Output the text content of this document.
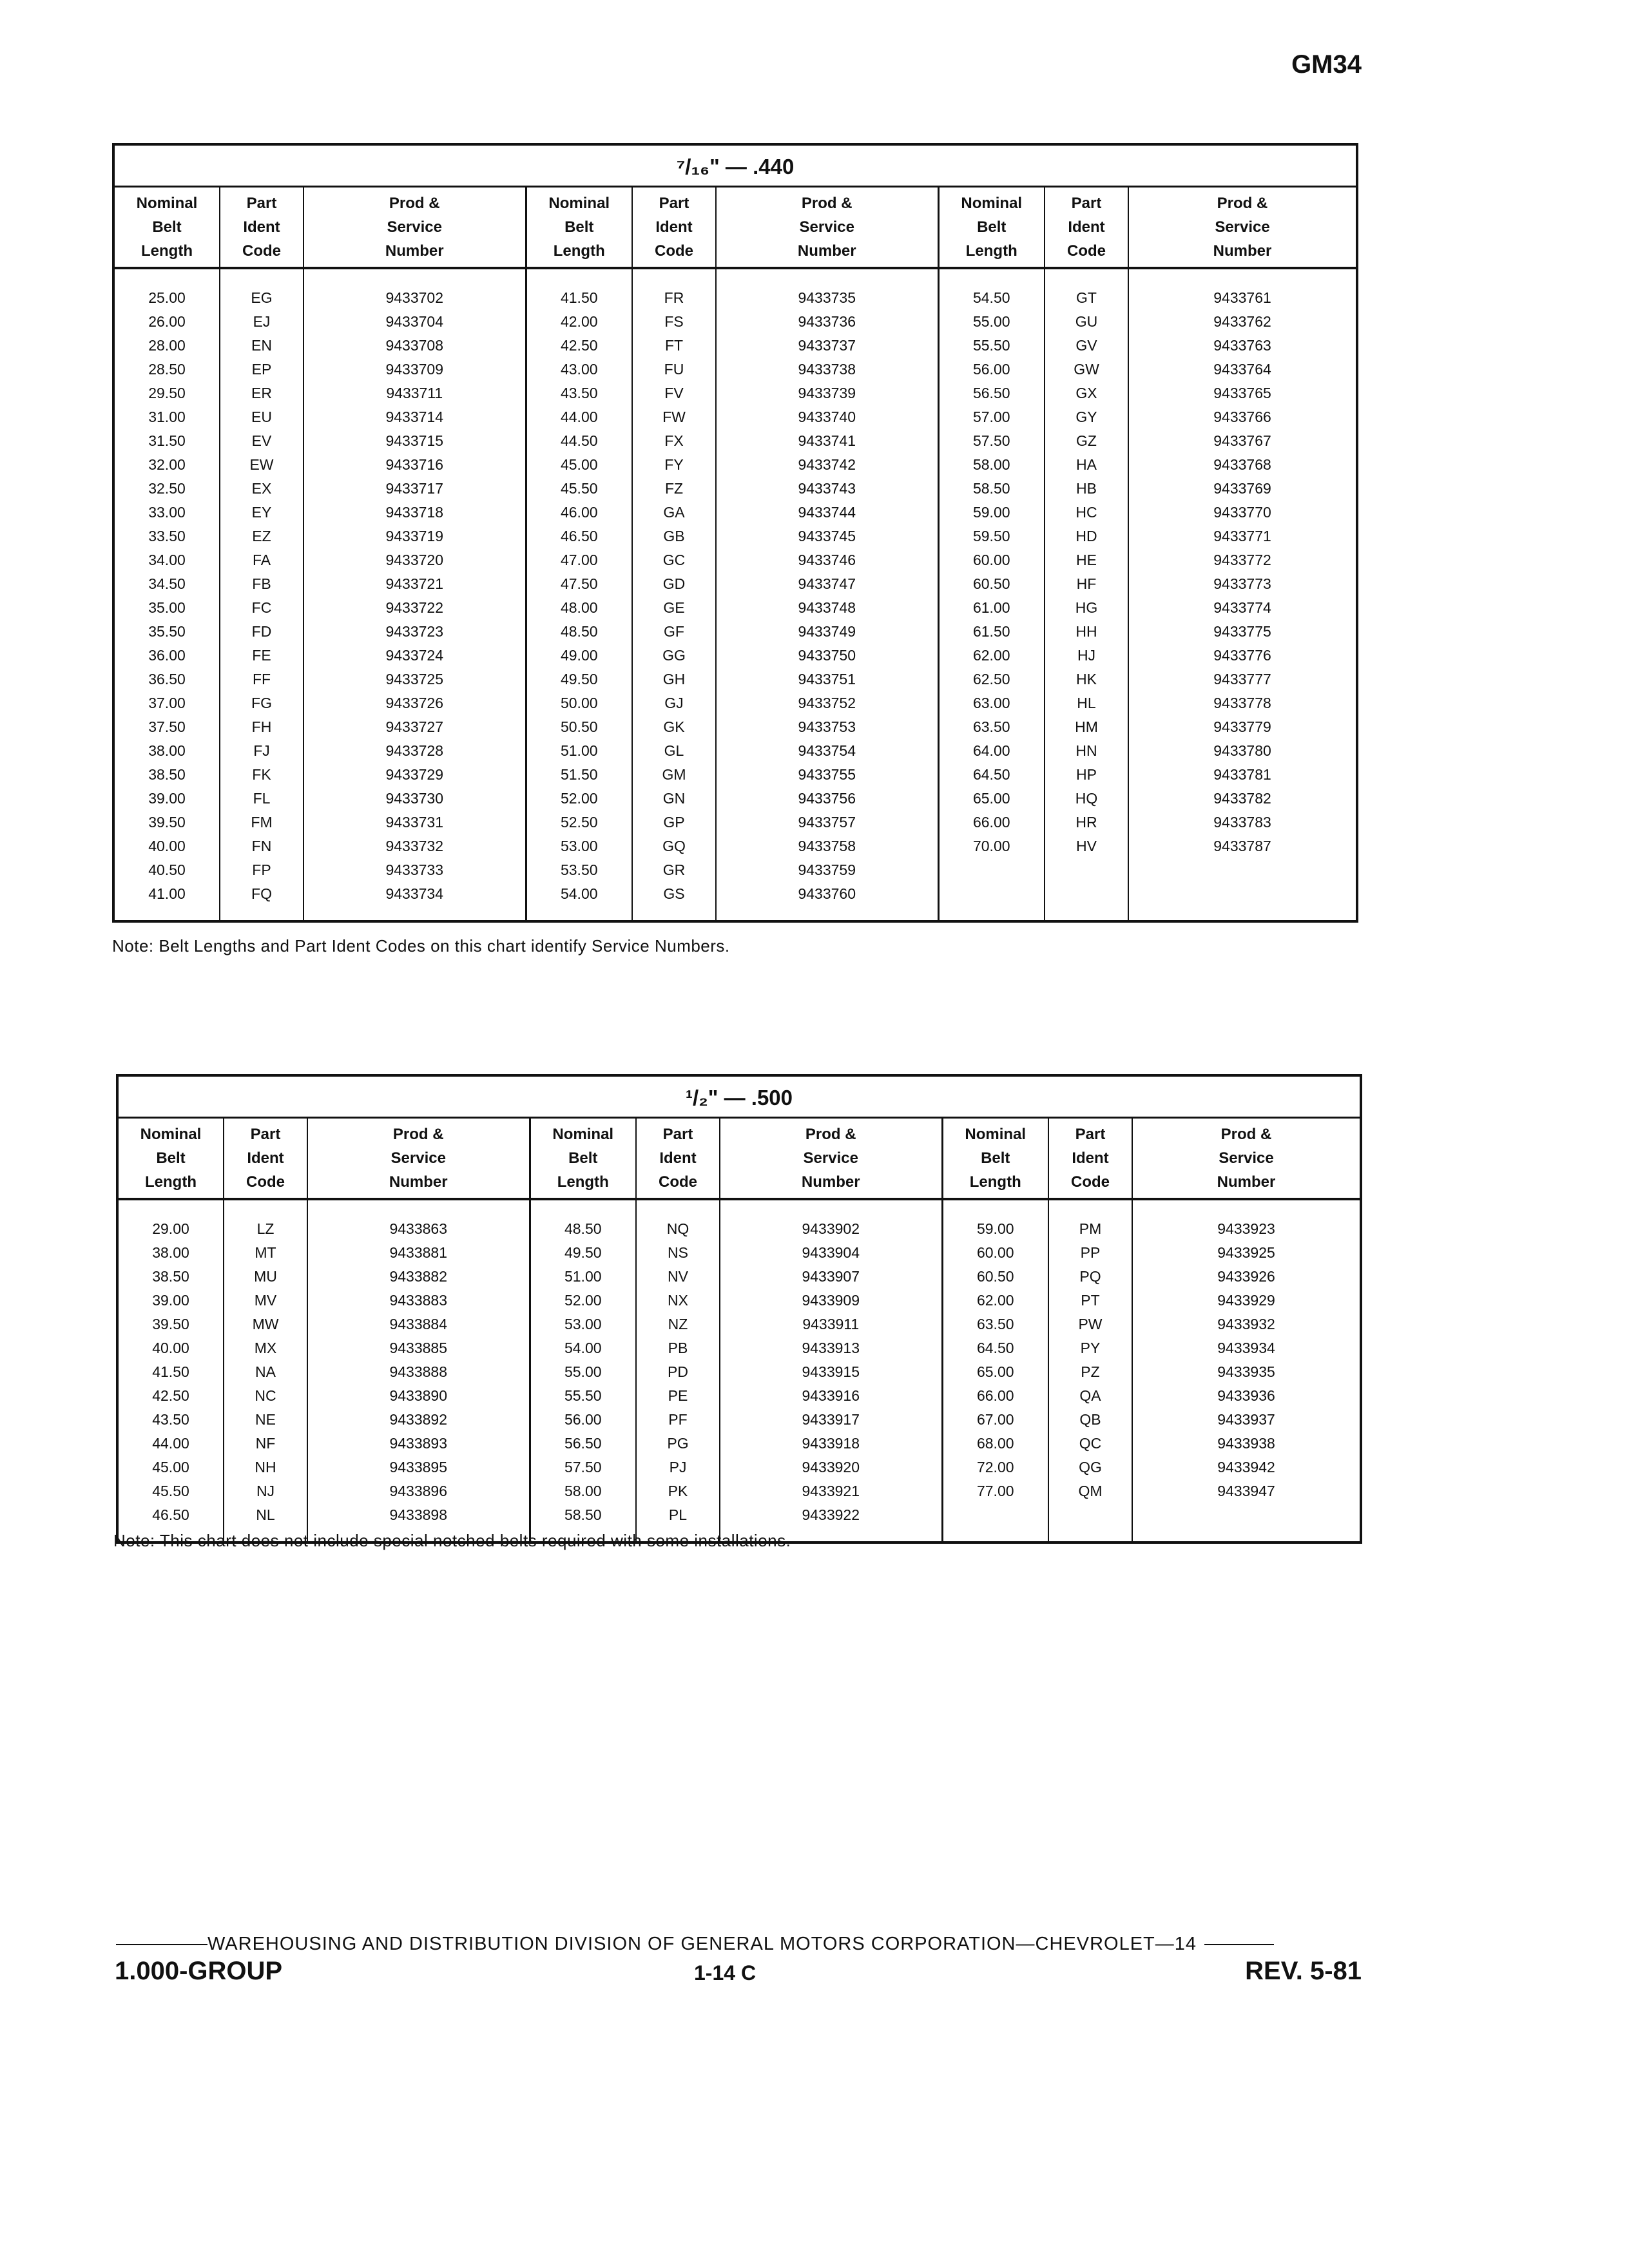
GM34
⁷/₁₆" — .440								
Nominal
Belt
Length	Part
Ident
Code	Prod &
Service
Number	Nominal
Belt
Length	Part
Ident
Code	Prod &
Service
Number	Nominal
Belt
Length	Part
Ident
Code	Prod &
Service
Number

25.00	EG	9433702	41.50	FR	9433735	54.50	GT	9433761
26.00	EJ	9433704	42.00	FS	9433736	55.00	GU	9433762
28.00	EN	9433708	42.50	FT	9433737	55.50	GV	9433763
28.50	EP	9433709	43.00	FU	9433738	56.00	GW	9433764
29.50	ER	9433711	43.50	FV	9433739	56.50	GX	9433765
31.00	EU	9433714	44.00	FW	9433740	57.00	GY	9433766
31.50	EV	9433715	44.50	FX	9433741	57.50	GZ	9433767
32.00	EW	9433716	45.00	FY	9433742	58.00	HA	9433768
32.50	EX	9433717	45.50	FZ	9433743	58.50	HB	9433769
33.00	EY	9433718	46.00	GA	9433744	59.00	HC	9433770
33.50	EZ	9433719	46.50	GB	9433745	59.50	HD	9433771
34.00	FA	9433720	47.00	GC	9433746	60.00	HE	9433772
34.50	FB	9433721	47.50	GD	9433747	60.50	HF	9433773
35.00	FC	9433722	48.00	GE	9433748	61.00	HG	9433774
35.50	FD	9433723	48.50	GF	9433749	61.50	HH	9433775
36.00	FE	9433724	49.00	GG	9433750	62.00	HJ	9433776
36.50	FF	9433725	49.50	GH	9433751	62.50	HK	9433777
37.00	FG	9433726	50.00	GJ	9433752	63.00	HL	9433778
37.50	FH	9433727	50.50	GK	9433753	63.50	HM	9433779
38.00	FJ	9433728	51.00	GL	9433754	64.00	HN	9433780
38.50	FK	9433729	51.50	GM	9433755	64.50	HP	9433781
39.00	FL	9433730	52.00	GN	9433756	65.00	HQ	9433782
39.50	FM	9433731	52.50	GP	9433757	66.00	HR	9433783
40.00	FN	9433732	53.00	GQ	9433758	70.00	HV	9433787
40.50	FP	9433733	53.50	GR	9433759			
41.00	FQ	9433734	54.00	GS	9433760			

Note: Belt Lengths and Part Ident Codes on this chart identify Service Numbers.
¹/₂" — .500								
Nominal
Belt
Length	Part
Ident
Code	Prod &
Service
Number	Nominal
Belt
Length	Part
Ident
Code	Prod &
Service
Number	Nominal
Belt
Length	Part
Ident
Code	Prod &
Service
Number

29.00	LZ	9433863	48.50	NQ	9433902	59.00	PM	9433923
38.00	MT	9433881	49.50	NS	9433904	60.00	PP	9433925
38.50	MU	9433882	51.00	NV	9433907	60.50	PQ	9433926
39.00	MV	9433883	52.00	NX	9433909	62.00	PT	9433929
39.50	MW	9433884	53.00	NZ	9433911	63.50	PW	9433932
40.00	MX	9433885	54.00	PB	9433913	64.50	PY	9433934
41.50	NA	9433888	55.00	PD	9433915	65.00	PZ	9433935
42.50	NC	9433890	55.50	PE	9433916	66.00	QA	9433936
43.50	NE	9433892	56.00	PF	9433917	67.00	QB	9433937
44.00	NF	9433893	56.50	PG	9433918	68.00	QC	9433938
45.00	NH	9433895	57.50	PJ	9433920	72.00	QG	9433942
45.50	NJ	9433896	58.00	PK	9433921	77.00	QM	9433947
46.50	NL	9433898	58.50	PL	9433922			

Note: This chart does not include special notched belts required with some installations.
WAREHOUSING AND DISTRIBUTION DIVISION OF GENERAL MOTORS CORPORATION—CHEVROLET—14
1.000-GROUP	1-14 C	REV. 5-81
